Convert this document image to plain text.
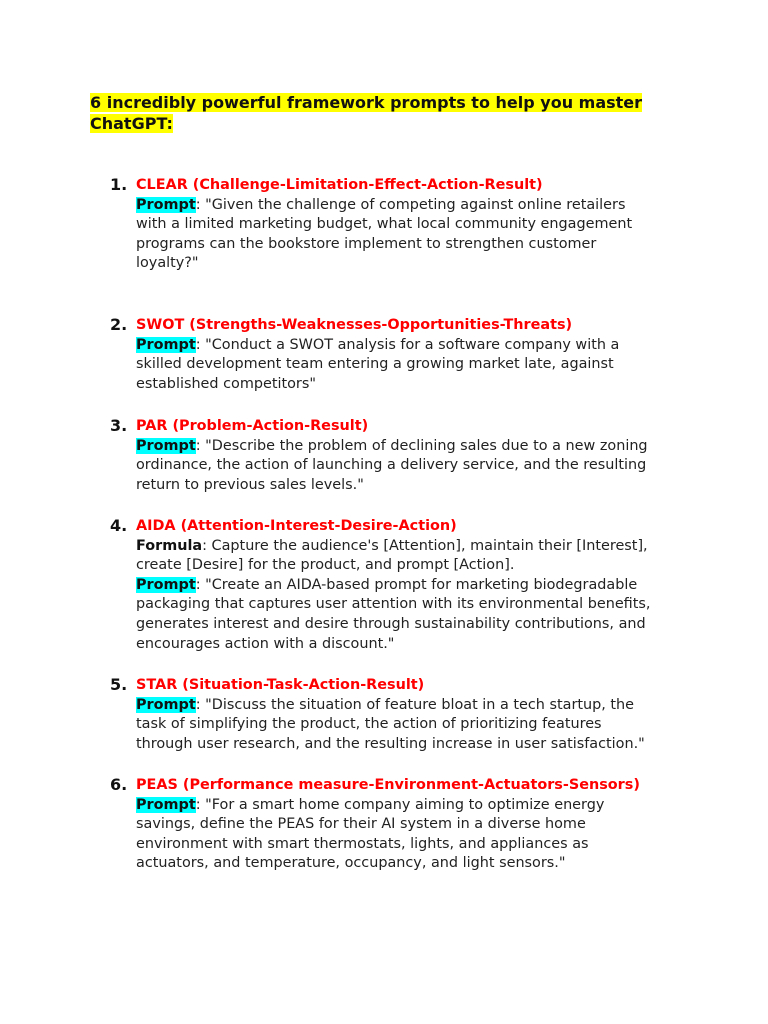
6 incredibly powerful framework prompts to help you master
ChatGPT:
1. CLEAR (Challenge-Limitation-Effect-Action-Result)
Prompt: "Given the challenge of competing against online retailers
with a limited marketing budget, what local community engagement
programs can the bookstore implement to strengthen customer
loyalty?"
2. SWOT (Strengths-Weaknesses-Opportunities-Threats)
Prompt: "Conduct a SWOT analysis for a software company with a
skilled development team entering a growing market late, against
established competitors"
3. PAR (Problem-Action-Result)
Prompt: "Describe the problem of declining sales due to a new zoning
ordinance, the action of launching a delivery service, and the resulting
return to previous sales levels."
4. AIDA (Attention-Interest-Desire-Action)
Formula: Capture the audience's [Attention], maintain their [Interest],
create [Desire] for the product, and prompt [Action].
Prompt: "Create an AIDA-based prompt for marketing biodegradable
packaging that captures user attention with its environmental benefits,
generates interest and desire through sustainability contributions, and
encourages action with a discount."
5. STAR (Situation-Task-Action-Result)
Prompt: "Discuss the situation of feature bloat in a tech startup, the
task of simplifying the product, the action of prioritizing features
through user research, and the resulting increase in user satisfaction."
6. PEAS (Performance measure-Environment-Actuators-Sensors)
Prompt: "For a smart home company aiming to optimize energy
savings, define the PEAS for their AI system in a diverse home
environment with smart thermostats, lights, and appliances as
actuators, and temperature, occupancy, and light sensors."
